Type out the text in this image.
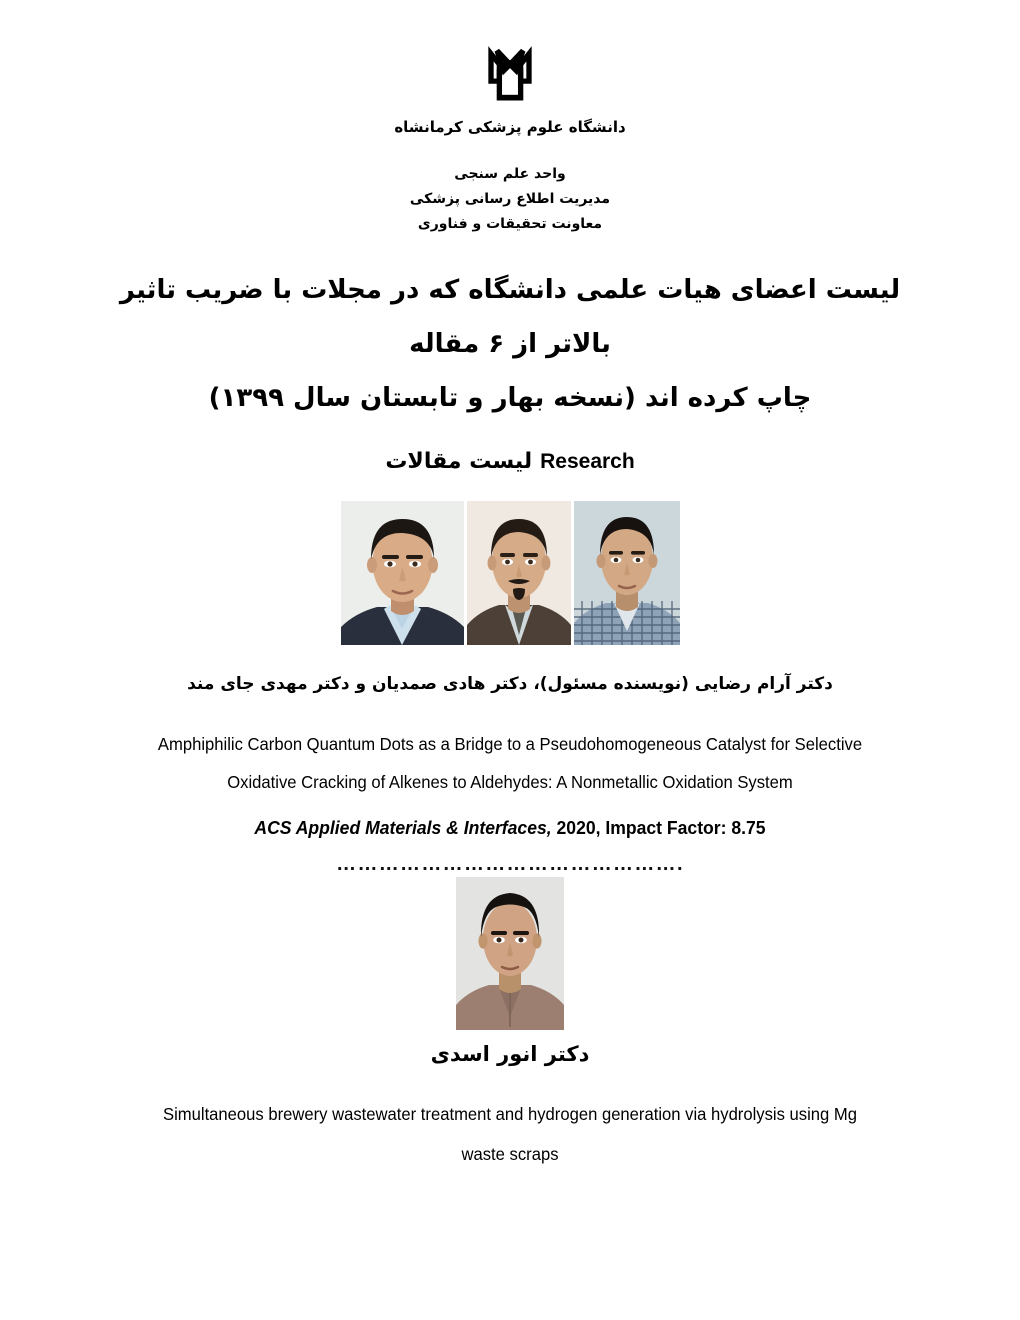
دانشگاه علوم پزشکی کرمانشاه
واحد علم سنجی
مدیریت اطلاع رسانی پزشکی
معاونت تحقیقات و فناوری
لیست اعضای هیات علمی دانشگاه که در مجلات با ضریب تاثیر بالاتر از ۶ مقاله
چاپ کرده اند (نسخه بهار و تابستان سال ۱۳۹۹)
Researchلیست مقالات
دکتر آرام رضایی (نویسنده مسئول)، دکتر هادی صمدیان و دکتر مهدی جای مند
Amphiphilic Carbon Quantum Dots as a Bridge to a Pseudohomogeneous Catalyst for Selective
Oxidative Cracking of Alkenes to Aldehydes: A Nonmetallic Oxidation System
ACS Applied Materials & Interfaces, 2020, Impact Factor: 8.75
………………………………………….
دکتر انور اسدی
Simultaneous brewery wastewater treatment and hydrogen generation via hydrolysis using Mg
waste scraps
